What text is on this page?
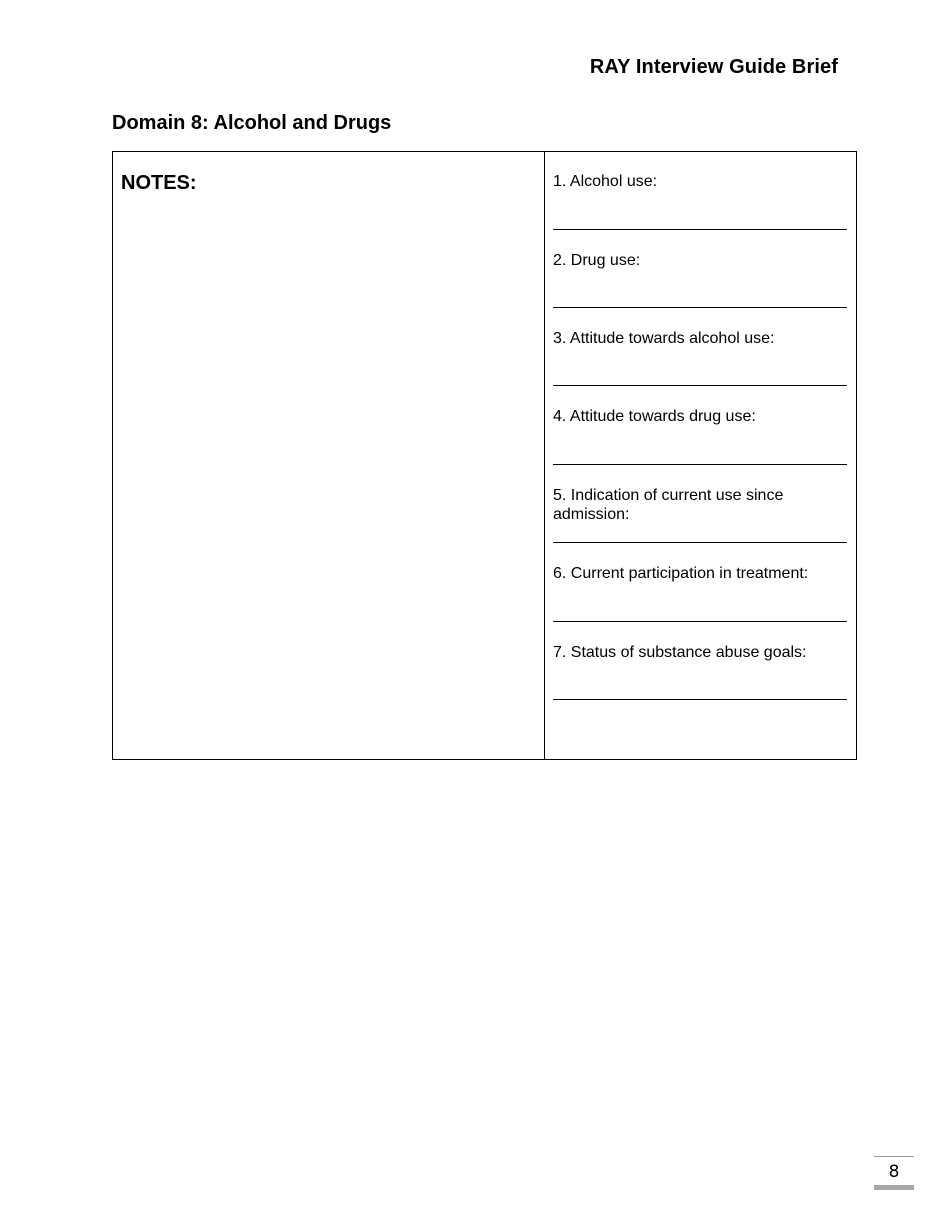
RAY Interview Guide Brief
Domain 8: Alcohol and Drugs
NOTES:	1. Alcohol use:
2. Drug use:
3. Attitude towards alcohol use:
4. Attitude towards drug use:
5. Indication of current use since admission:
6. Current participation in treatment:
7. Status of substance abuse goals:
8
